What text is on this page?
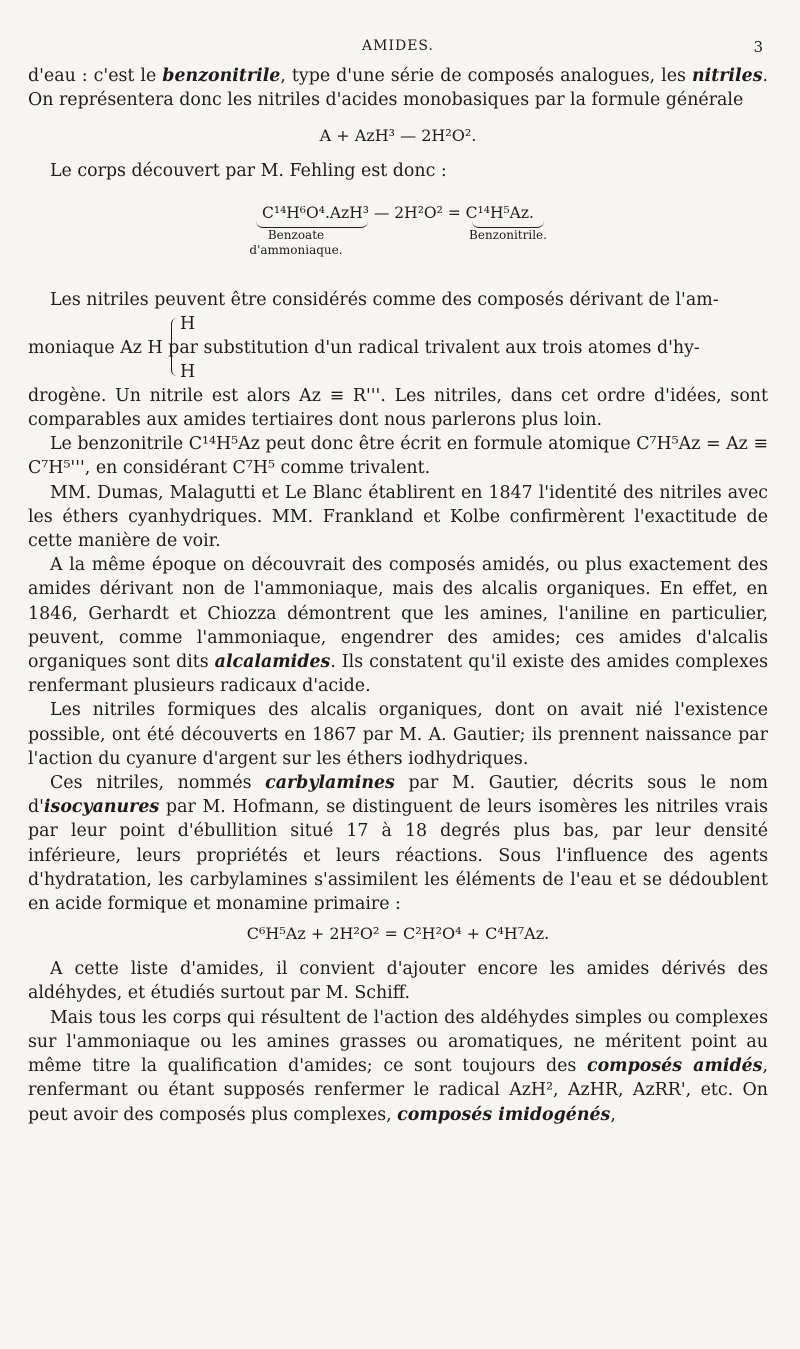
AMIDES.	3

d'eau : c'est le benzonitrile, type d'une série de composés analogues, les nitriles. On représentera donc les nitriles d'acides monobasiques par la formule générale

A + AzH³ — 2H²O².

Le corps découvert par M. Fehling est donc :

C¹⁴H⁶O⁴.AzH³ — 2H²O² = C¹⁴H⁵Az.
Benzoate d'ammoniaque.
Benzonitrile.

Les nitriles peuvent être considérés comme des composés dérivant de l'am-

H
moniaque Az H par substitution d'un radical trivalent aux trois atomes d'hy-
H

drogène. Un nitrile est alors Az ≡ R'''. Les nitriles, dans cet ordre d'idées, sont comparables aux amides tertiaires dont nous parlerons plus loin.

Le benzonitrile C¹⁴H⁵Az peut donc être écrit en formule atomique C⁷H⁵Az = Az ≡ C⁷H⁵''', en considérant C⁷H⁵ comme trivalent.

MM. Dumas, Malagutti et Le Blanc établirent en 1847 l'identité des nitriles avec les éthers cyanhydriques. MM. Frankland et Kolbe confirmèrent l'exactitude de cette manière de voir.

A la même époque on découvrait des composés amidés, ou plus exactement des amides dérivant non de l'ammoniaque, mais des alcalis organiques. En effet, en 1846, Gerhardt et Chiozza démontrent que les amines, l'aniline en particulier, peuvent, comme l'ammoniaque, engendrer des amides; ces amides d'alcalis organiques sont dits alcalamides. Ils constatent qu'il existe des amides complexes renfermant plusieurs radicaux d'acide.

Les nitriles formiques des alcalis organiques, dont on avait nié l'existence possible, ont été découverts en 1867 par M. A. Gautier; ils prennent naissance par l'action du cyanure d'argent sur les éthers iodhydriques.

Ces nitriles, nommés carbylamines par M. Gautier, décrits sous le nom d'isocyanures par M. Hofmann, se distinguent de leurs isomères les nitriles vrais par leur point d'ébullition situé 17 à 18 degrés plus bas, par leur densité inférieure, leurs propriétés et leurs réactions. Sous l'influence des agents d'hydratation, les carbylamines s'assimilent les éléments de l'eau et se dédoublent en acide formique et monamine primaire :

C⁶H⁵Az + 2H²O² = C²H²O⁴ + C⁴H⁷Az.

A cette liste d'amides, il convient d'ajouter encore les amides dérivés des aldéhydes, et étudiés surtout par M. Schiff.

Mais tous les corps qui résultent de l'action des aldéhydes simples ou complexes sur l'ammoniaque ou les amines grasses ou aromatiques, ne méritent point au même titre la qualification d'amides; ce sont toujours des composés amidés, renfermant ou étant supposés renfermer le radical AzH², AzHR, AzRR', etc. On peut avoir des composés plus complexes, composés imidogénés,
